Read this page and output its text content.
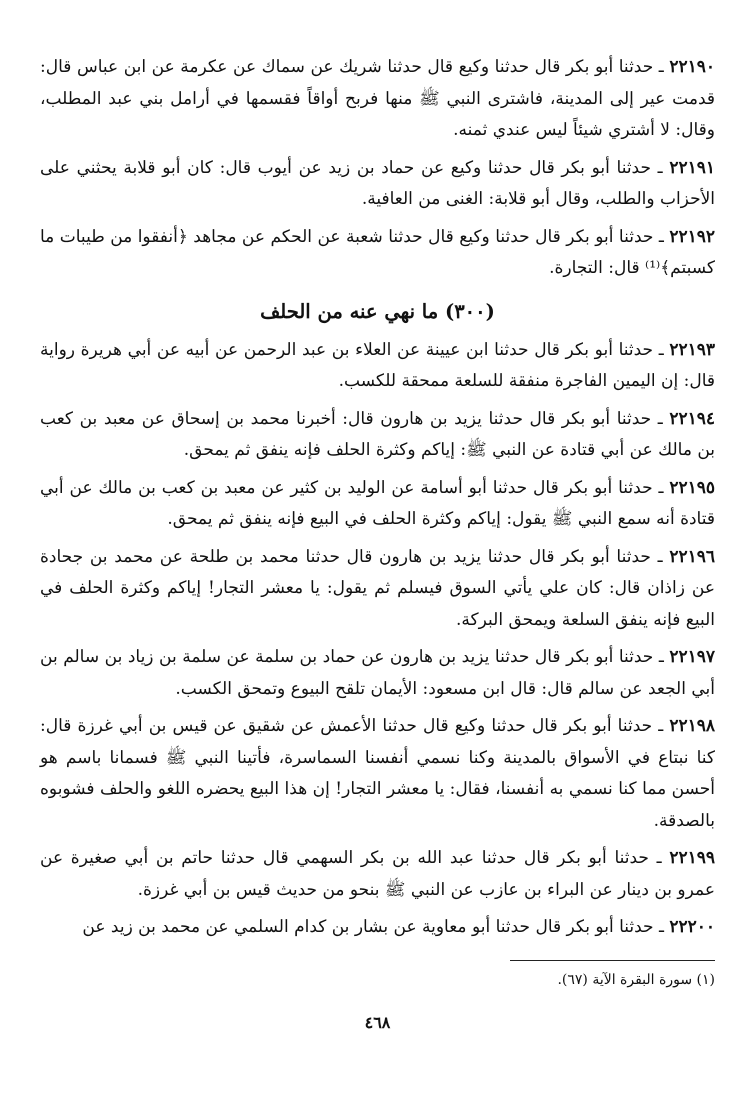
٢٢١٩٠ ـ حدثنا أبو بكر قال حدثنا وكيع قال حدثنا شريك عن سماك عن عكرمة عن ابن عباس قال: قدمت عير إلى المدينة، فاشترى النبي ﷺ منها فربح أواقاً فقسمها في أرامل بني عبد المطلب، وقال: لا أشتري شيئاً ليس عندي ثمنه.
٢٢١٩١ ـ حدثنا أبو بكر قال حدثنا وكيع عن حماد بن زيد عن أيوب قال: كان أبو قلابة يحثني على الأحزاب والطلب، وقال أبو قلابة: الغنى من العافية.
٢٢١٩٢ ـ حدثنا أبو بكر قال حدثنا وكيع قال حدثنا شعبة عن الحكم عن مجاهد ﴿أنفقوا من طيبات ما كسبتم﴾⁽¹⁾ قال: التجارة.
(٣٠٠) ما نهي عنه من الحلف
٢٢١٩٣ ـ حدثنا أبو بكر قال حدثنا ابن عيينة عن العلاء بن عبد الرحمن عن أبيه عن أبي هريرة رواية قال: إن اليمين الفاجرة منفقة للسلعة ممحقة للكسب.
٢٢١٩٤ ـ حدثنا أبو بكر قال حدثنا يزيد بن هارون قال: أخبرنا محمد بن إسحاق عن معبد بن كعب بن مالك عن أبي قتادة عن النبي ﷺ: إياكم وكثرة الحلف فإنه ينفق ثم يمحق.
٢٢١٩٥ ـ حدثنا أبو بكر قال حدثنا أبو أسامة عن الوليد بن كثير عن معبد بن كعب بن مالك عن أبي قتادة أنه سمع النبي ﷺ يقول: إياكم وكثرة الحلف في البيع فإنه ينفق ثم يمحق.
٢٢١٩٦ ـ حدثنا أبو بكر قال حدثنا يزيد بن هارون قال حدثنا محمد بن طلحة عن محمد بن جحادة عن زاذان قال: كان علي يأتي السوق فيسلم ثم يقول: يا معشر التجار! إياكم وكثرة الحلف في البيع فإنه ينفق السلعة ويمحق البركة.
٢٢١٩٧ ـ حدثنا أبو بكر قال حدثنا يزيد بن هارون عن حماد بن سلمة عن سلمة بن زياد بن سالم بن أبي الجعد عن سالم قال: قال ابن مسعود: الأيمان تلقح البيوع وتمحق الكسب.
٢٢١٩٨ ـ حدثنا أبو بكر قال حدثنا وكيع قال حدثنا الأعمش عن شقيق عن قيس بن أبي غرزة قال: كنا نبتاع في الأسواق بالمدينة وكنا نسمي أنفسنا السماسرة، فأتينا النبي ﷺ فسمانا باسم هو أحسن مما كنا نسمي به أنفسنا، فقال: يا معشر التجار! إن هذا البيع يحضره اللغو والحلف فشوبوه بالصدقة.
٢٢١٩٩ ـ حدثنا أبو بكر قال حدثنا عبد الله بن بكر السهمي قال حدثنا حاتم بن أبي صغيرة عن عمرو بن دينار عن البراء بن عازب عن النبي ﷺ بنحو من حديث قيس بن أبي غرزة.
٢٢٢٠٠ ـ حدثنا أبو بكر قال حدثنا أبو معاوية عن بشار بن كدام السلمي عن محمد بن زيد عن
(١) سورة البقرة الآية (٦٧).
٤٦٨
